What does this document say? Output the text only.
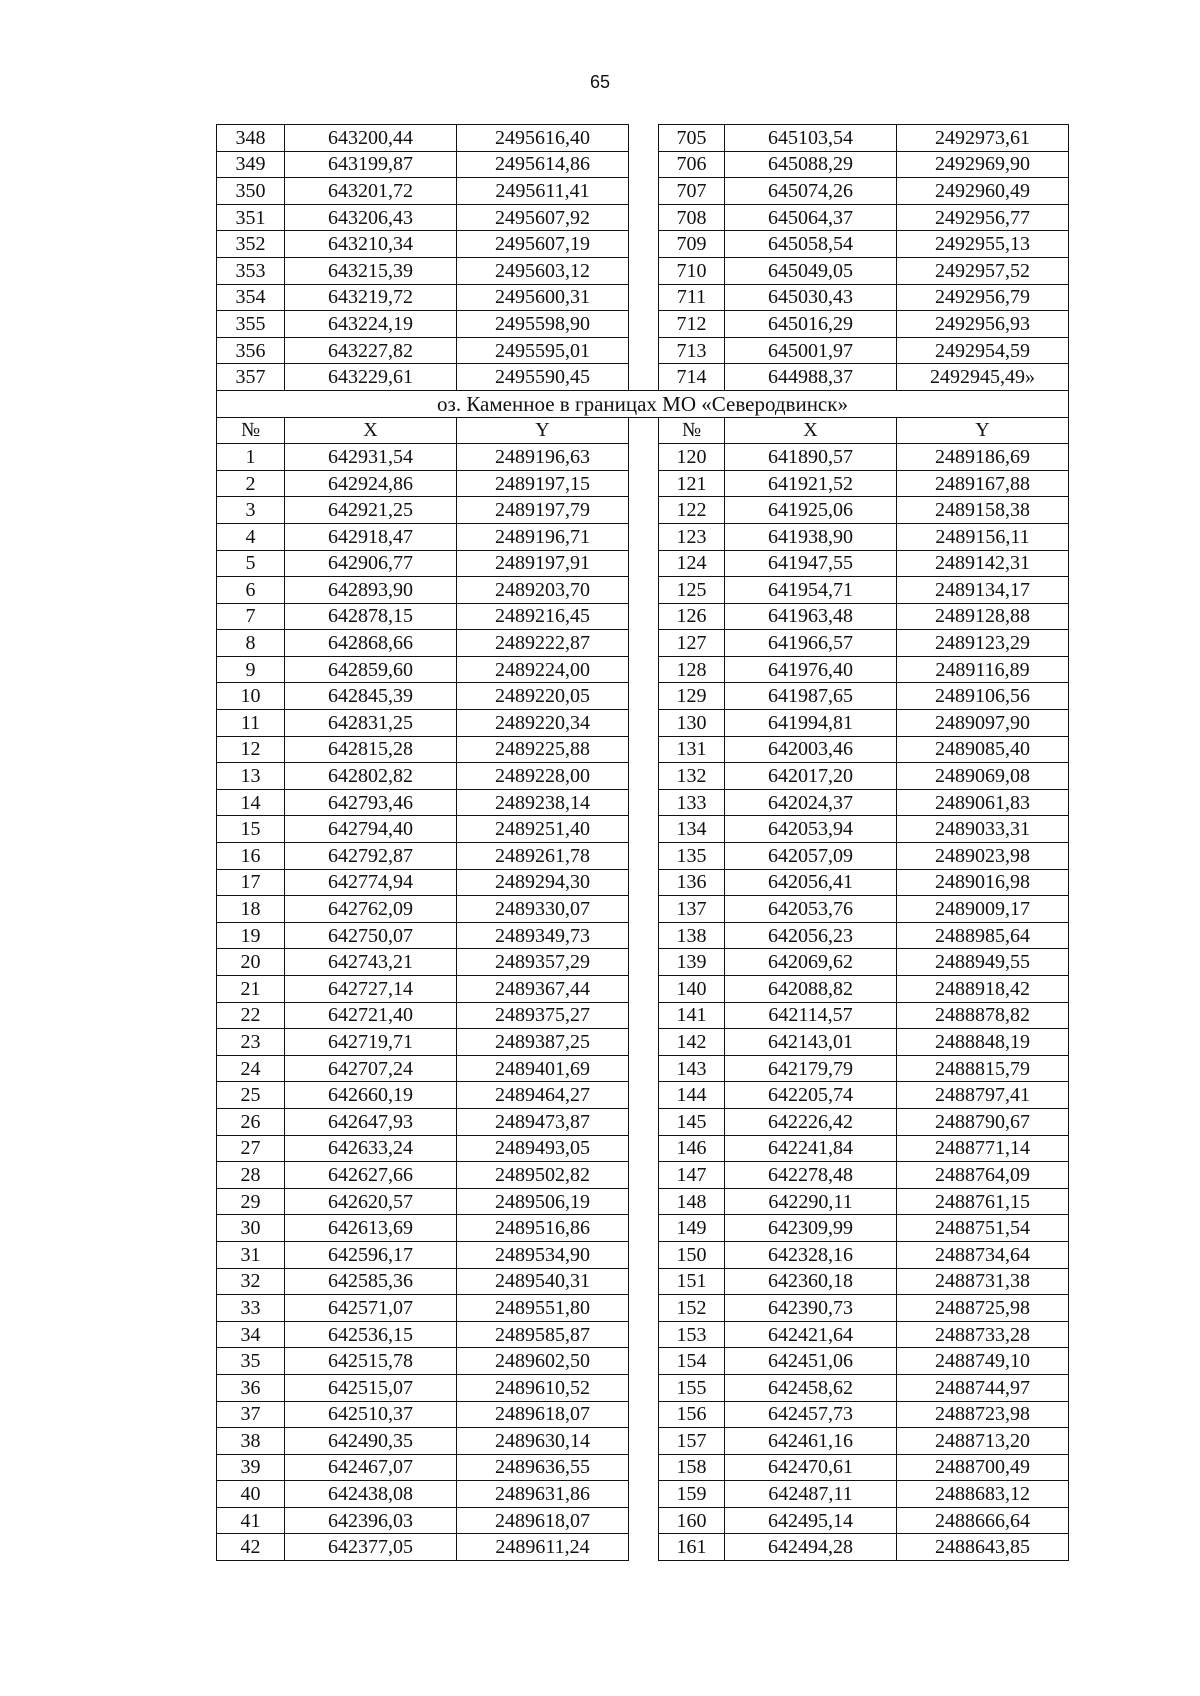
65
348	643200,44	2495616,40		705	645103,54	2492973,61
349	643199,87	2495614,86		706	645088,29	2492969,90
350	643201,72	2495611,41		707	645074,26	2492960,49
351	643206,43	2495607,92		708	645064,37	2492956,77
352	643210,34	2495607,19		709	645058,54	2492955,13
353	643215,39	2495603,12		710	645049,05	2492957,52
354	643219,72	2495600,31		711	645030,43	2492956,79
355	643224,19	2495598,90		712	645016,29	2492956,93
356	643227,82	2495595,01		713	645001,97	2492954,59
357	643229,61	2495590,45		714	644988,37	2492945,49»
оз. Каменное в границах МО «Северодвинск»						
№	X	Y		№	X	Y
1	642931,54	2489196,63		120	641890,57	2489186,69
2	642924,86	2489197,15		121	641921,52	2489167,88
3	642921,25	2489197,79		122	641925,06	2489158,38
4	642918,47	2489196,71		123	641938,90	2489156,11
5	642906,77	2489197,91		124	641947,55	2489142,31
6	642893,90	2489203,70		125	641954,71	2489134,17
7	642878,15	2489216,45		126	641963,48	2489128,88
8	642868,66	2489222,87		127	641966,57	2489123,29
9	642859,60	2489224,00		128	641976,40	2489116,89
10	642845,39	2489220,05		129	641987,65	2489106,56
11	642831,25	2489220,34		130	641994,81	2489097,90
12	642815,28	2489225,88		131	642003,46	2489085,40
13	642802,82	2489228,00		132	642017,20	2489069,08
14	642793,46	2489238,14		133	642024,37	2489061,83
15	642794,40	2489251,40		134	642053,94	2489033,31
16	642792,87	2489261,78		135	642057,09	2489023,98
17	642774,94	2489294,30		136	642056,41	2489016,98
18	642762,09	2489330,07		137	642053,76	2489009,17
19	642750,07	2489349,73		138	642056,23	2488985,64
20	642743,21	2489357,29		139	642069,62	2488949,55
21	642727,14	2489367,44		140	642088,82	2488918,42
22	642721,40	2489375,27		141	642114,57	2488878,82
23	642719,71	2489387,25		142	642143,01	2488848,19
24	642707,24	2489401,69		143	642179,79	2488815,79
25	642660,19	2489464,27		144	642205,74	2488797,41
26	642647,93	2489473,87		145	642226,42	2488790,67
27	642633,24	2489493,05		146	642241,84	2488771,14
28	642627,66	2489502,82		147	642278,48	2488764,09
29	642620,57	2489506,19		148	642290,11	2488761,15
30	642613,69	2489516,86		149	642309,99	2488751,54
31	642596,17	2489534,90		150	642328,16	2488734,64
32	642585,36	2489540,31		151	642360,18	2488731,38
33	642571,07	2489551,80		152	642390,73	2488725,98
34	642536,15	2489585,87		153	642421,64	2488733,28
35	642515,78	2489602,50		154	642451,06	2488749,10
36	642515,07	2489610,52		155	642458,62	2488744,97
37	642510,37	2489618,07		156	642457,73	2488723,98
38	642490,35	2489630,14		157	642461,16	2488713,20
39	642467,07	2489636,55		158	642470,61	2488700,49
40	642438,08	2489631,86		159	642487,11	2488683,12
41	642396,03	2489618,07		160	642495,14	2488666,64
42	642377,05	2489611,24		161	642494,28	2488643,85
